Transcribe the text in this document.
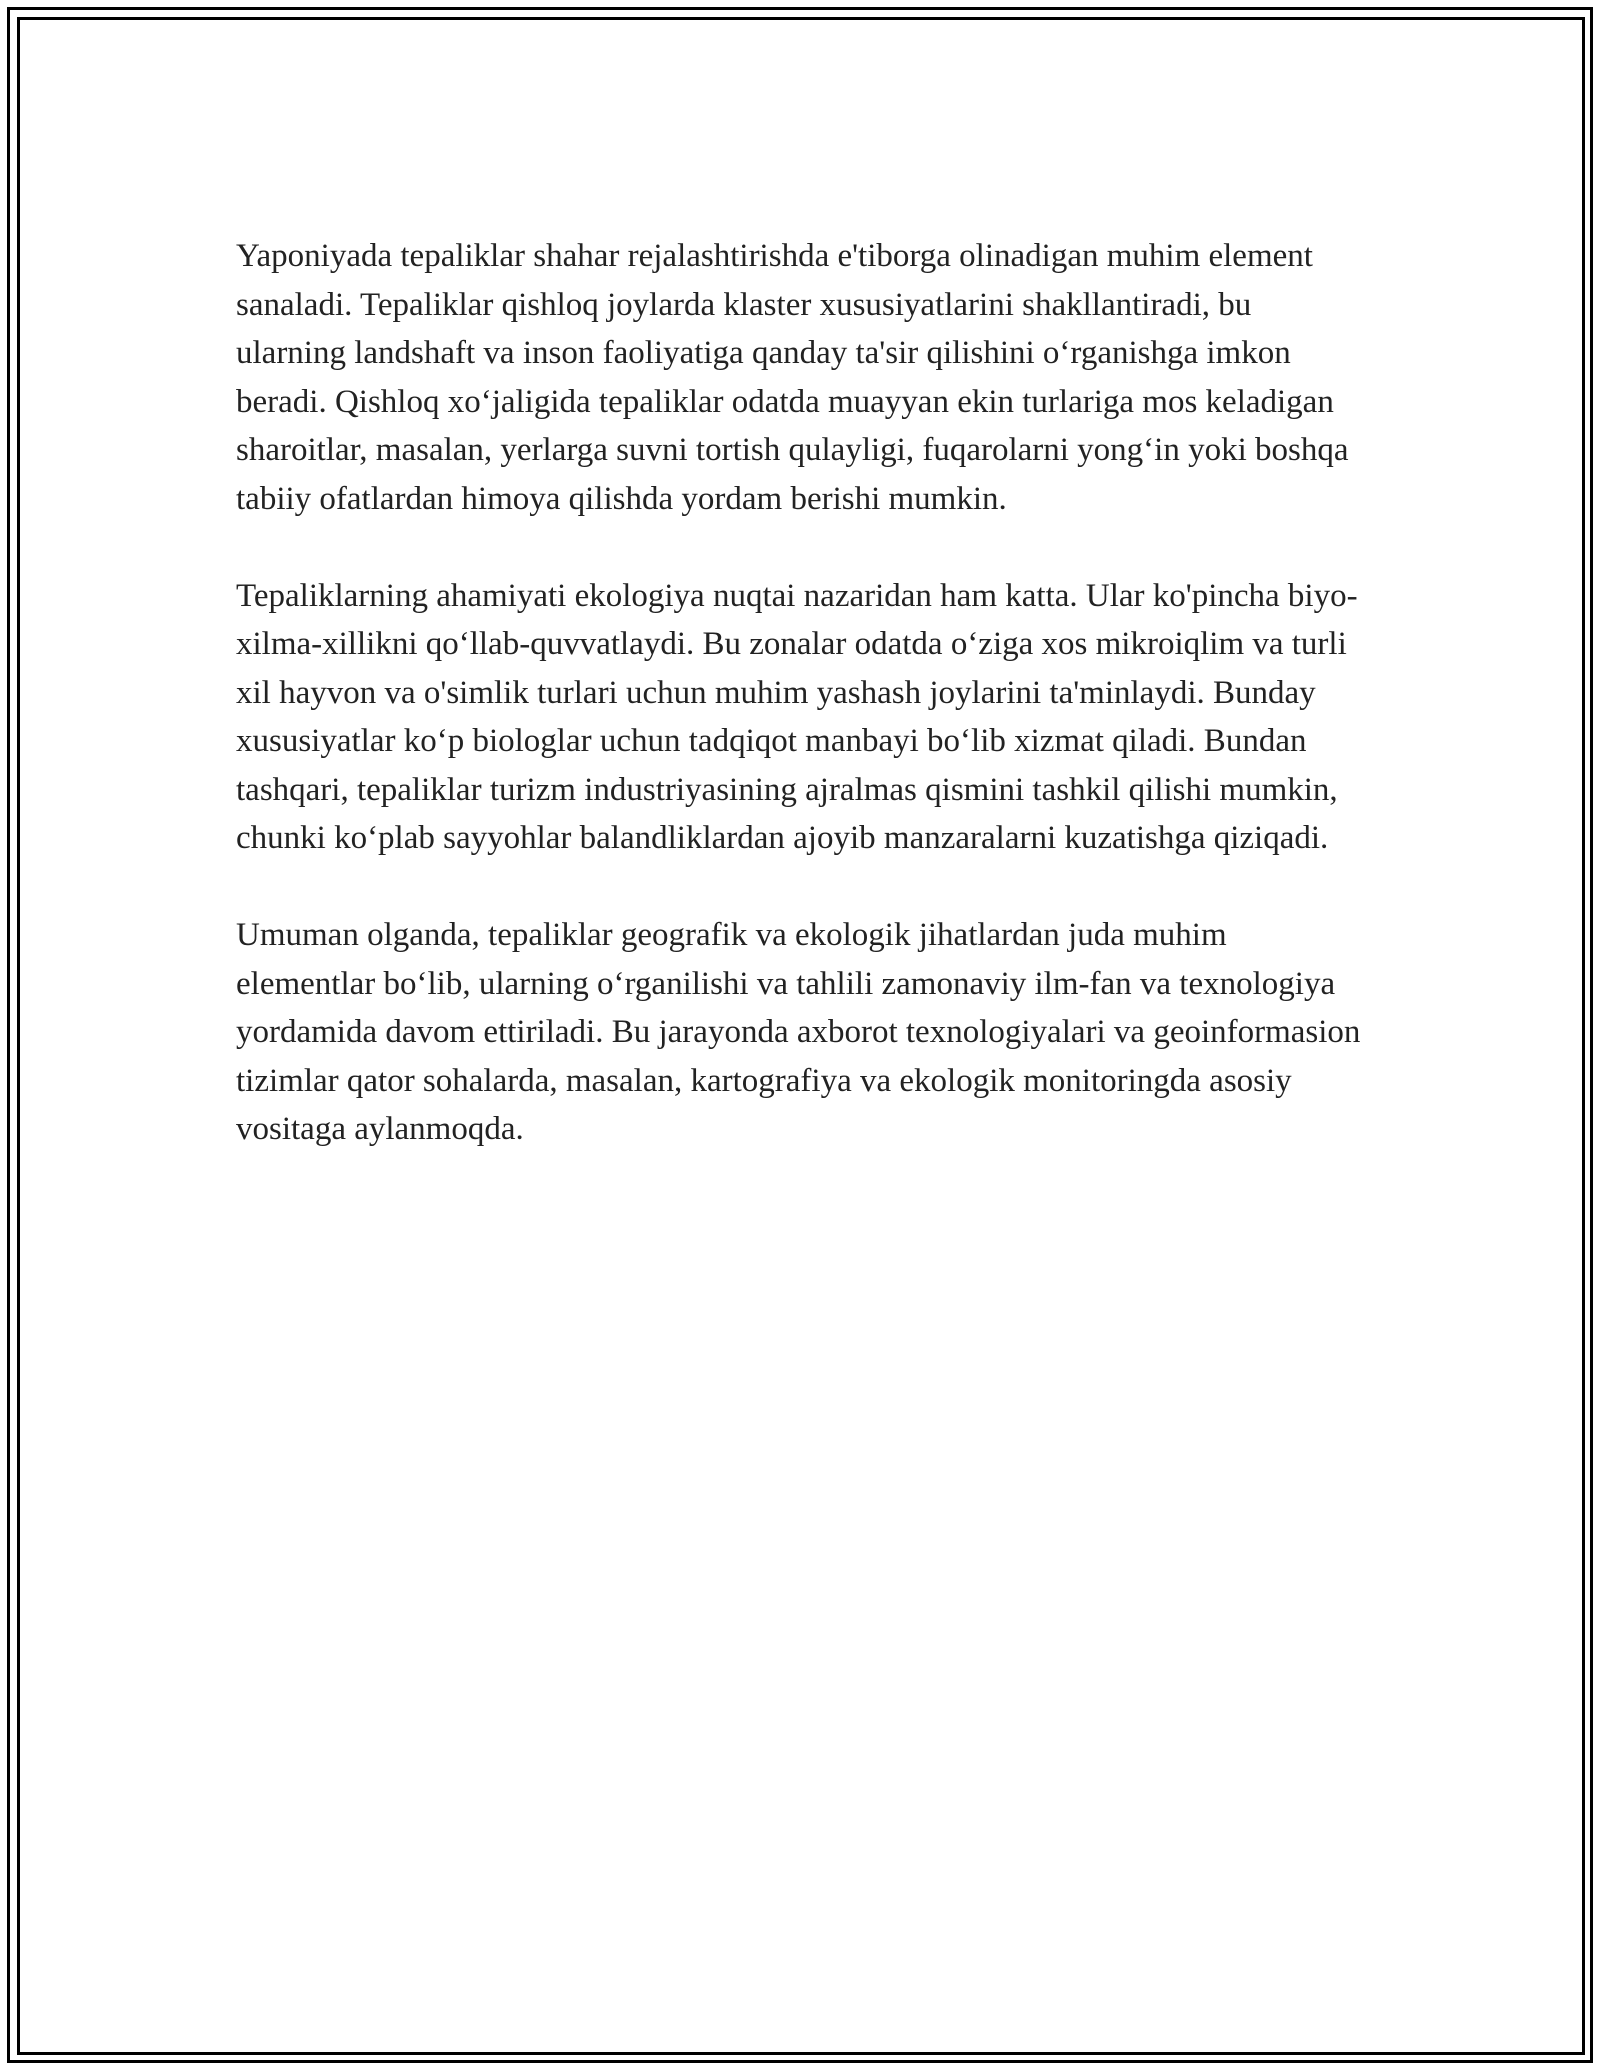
Yaponiyada tepaliklar shahar rejalashtirishda e'tiborga olinadigan muhim element sanaladi. Tepaliklar qishloq joylarda klaster xususiyatlarini shakllantiradi, bu ularning landshaft va inson faoliyatiga qanday ta'sir qilishini o‘rganishga imkon beradi. Qishloq xo‘jaligida tepaliklar odatda muayyan ekin turlariga mos keladigan sharoitlar, masalan, yerlarga suvni tortish qulayligi, fuqarolarni yong‘in yoki boshqa tabiiy ofatlardan himoya qilishda yordam berishi mumkin.

Tepaliklarning ahamiyati ekologiya nuqtai nazaridan ham katta. Ular ko'pincha biyo-xilma-xillikni qo‘llab-quvvatlaydi. Bu zonalar odatda o‘ziga xos mikroiqlim va turli xil hayvon va o'simlik turlari uchun muhim yashash joylarini ta'minlaydi. Bunday xususiyatlar ko‘p biologlar uchun tadqiqot manbayi bo‘lib xizmat qiladi. Bundan tashqari, tepaliklar turizm industriyasining ajralmas qismini tashkil qilishi mumkin, chunki ko‘plab sayyohlar balandliklardan ajoyib manzaralarni kuzatishga qiziqadi.

Umuman olganda, tepaliklar geografik va ekologik jihatlardan juda muhim elementlar bo‘lib, ularning o‘rganilishi va tahlili zamonaviy ilm-fan va texnologiya yordamida davom ettiriladi. Bu jarayonda axborot texnologiyalari va geoinformasion tizimlar qator sohalarda, masalan, kartografiya va ekologik monitoringda asosiy vositaga aylanmoqda.
